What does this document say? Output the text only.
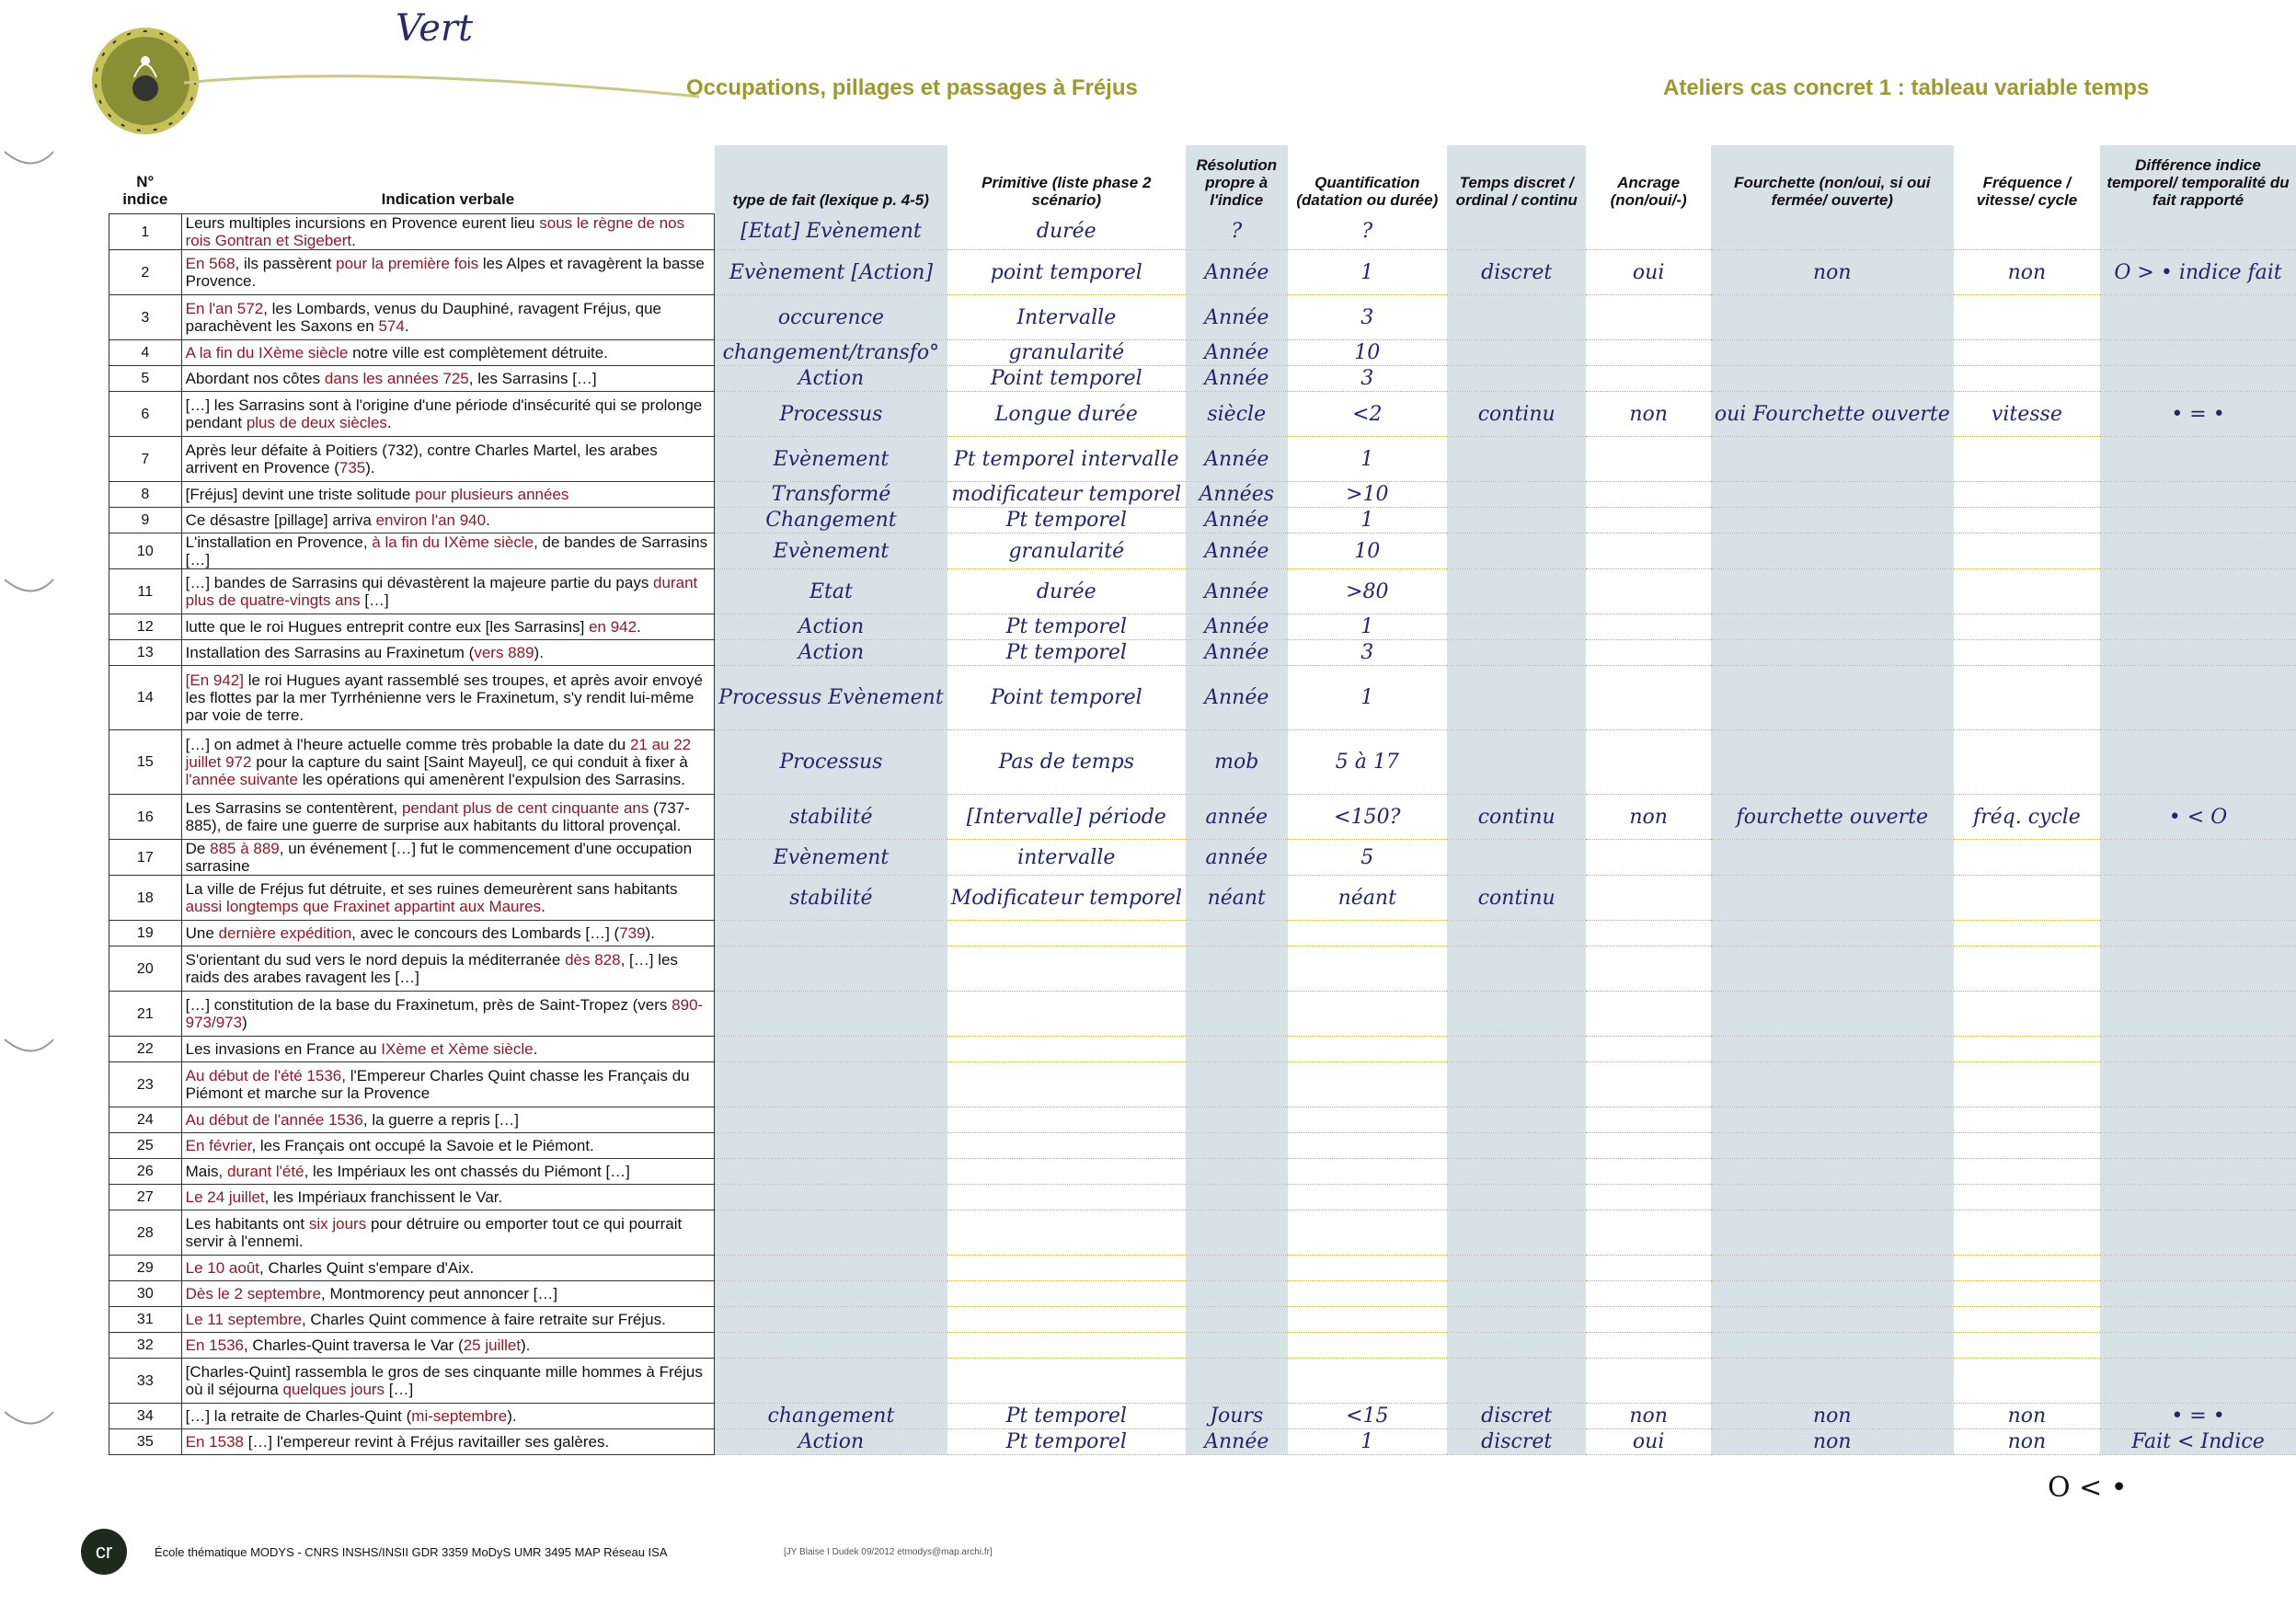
Vert
Occupations, pillages et passages à Fréjus	Ateliers cas concret 1 : tableau variable temps
N° indice	Indication verbale	type de fait (lexique p. 4-5)	Primitive (liste phase 2 scénario)	Résolution propre à l'indice	Quantification (datation ou durée)	Temps discret / ordinal / continu	Ancrage (non/oui/-)	Fourchette (non/oui, si oui fermée/ ouverte)	Fréquence / vitesse/ cycle	Différence indice temporel/ temporalité du fait rapporté
1	Leurs multiples incursions en Provence eurent lieu sous le règne de nos rois Gontran et Sigebert.	[Etat] Evènement	durée	?	?					
2	En 568, ils passèrent pour la première fois les Alpes et ravagèrent la basse Provence.	Evènement [Action]	point temporel	Année	1	discret	oui	non	non	O > • indice fait
3	En l'an 572, les Lombards, venus du Dauphiné, ravagent Fréjus, que parachèvent les Saxons en 574.	occurence	Intervalle	Année	3					
4	A la fin du IXème siècle notre ville est complètement détruite.	changement/transfo°	granularité	Année	10					
5	Abordant nos côtes dans les années 725, les Sarrasins […]	Action	Point temporel	Année	3					
6	[…] les Sarrasins sont à l'origine d'une période d'insécurité qui se prolonge pendant plus de deux siècles.	Processus	Longue durée	siècle	<2	continu	non	oui Fourchette ouverte	vitesse	• = •
7	Après leur défaite à Poitiers (732), contre Charles Martel, les arabes arrivent en Provence (735).	Evènement	Pt temporel intervalle	Année	1					
8	[Fréjus] devint une triste solitude pour plusieurs années	Transformé	modificateur temporel	Années	>10					
9	Ce désastre [pillage] arriva environ l'an 940.	Changement	Pt temporel	Année	1					
10	L'installation en Provence, à la fin du IXème siècle, de bandes de Sarrasins […]	Evènement	granularité	Année	10					
11	[…] bandes de Sarrasins qui dévastèrent la majeure partie du pays durant plus de quatre-vingts ans […]	Etat	durée	Année	>80					
12	lutte que le roi Hugues entreprit contre eux [les Sarrasins] en 942.	Action	Pt temporel	Année	1					
13	Installation des Sarrasins au Fraxinetum (vers 889).	Action	Pt temporel	Année	3					
14	[En 942] le roi Hugues ayant rassemblé ses troupes, et après avoir envoyé les flottes par la mer Tyrrhénienne vers le Fraxinetum, s'y rendit lui-même par voie de terre.	Processus Evènement	Point temporel	Année	1					
15	[…] on admet à l'heure actuelle comme très probable la date du 21 au 22 juillet 972 pour la capture du saint [Saint Mayeul], ce qui conduit à fixer à l'année suivante les opérations qui amenèrent l'expulsion des Sarrasins.	Processus	Pas de temps	mob	5 à 17					
16	Les Sarrasins se contentèrent, pendant plus de cent cinquante ans (737-885), de faire une guerre de surprise aux habitants du littoral provençal.	stabilité	[Intervalle] période	année	<150?	continu	non	fourchette ouverte	fréq. cycle	• < O
17	De 885 à 889, un événement […] fut le commencement d'une occupation sarrasine	Evènement	intervalle	année	5					
18	La ville de Fréjus fut détruite, et ses ruines demeurèrent sans habitants aussi longtemps que Fraxinet appartint aux Maures.	stabilité	Modificateur temporel	néant	néant	continu				
19	Une dernière expédition, avec le concours des Lombards […] (739).									
20	S'orientant du sud vers le nord depuis la méditerranée dès 828, […] les raids des arabes ravagent les […]									
21	[…] constitution de la base du Fraxinetum, près de Saint-Tropez (vers 890-973/973)									
22	Les invasions en France au IXème et Xème siècle.									
23	Au début de l'été 1536, l'Empereur Charles Quint chasse les Français du Piémont et marche sur la Provence									
24	Au début de l'année 1536, la guerre a repris […]									
25	En février, les Français ont occupé la Savoie et le Piémont.									
26	Mais, durant l'été, les Impériaux les ont chassés du Piémont […]									
27	Le 24 juillet, les Impériaux franchissent le Var.									
28	Les habitants ont six jours pour détruire ou emporter tout ce qui pourrait servir à l'ennemi.									
29	Le 10 août, Charles Quint s'empare d'Aix.									
30	Dès le 2 septembre, Montmorency peut annoncer […]									
31	Le 11 septembre, Charles Quint commence à faire retraite sur Fréjus.									
32	En 1536, Charles-Quint traversa le Var (25 juillet).									
33	[Charles-Quint] rassembla le gros de ses cinquante mille hommes à Fréjus où il séjourna quelques jours […]									
34	[…] la retraite de Charles-Quint (mi-septembre).	changement	Pt temporel	Jours	<15	discret	non	non	non	• = •
35	En 1538 […] l'empereur revint à Fréjus ravitailler ses galères.	Action	Pt temporel	Année	1	discret	oui	non	non	Fait < Indice
O < •
cr	École thématique MODYS - CNRS INSHS/INSII GDR 3359 MoDyS UMR 3495 MAP Réseau ISA	[JY Blaise I Dudek 09/2012 etmodys@map.archi.fr]
